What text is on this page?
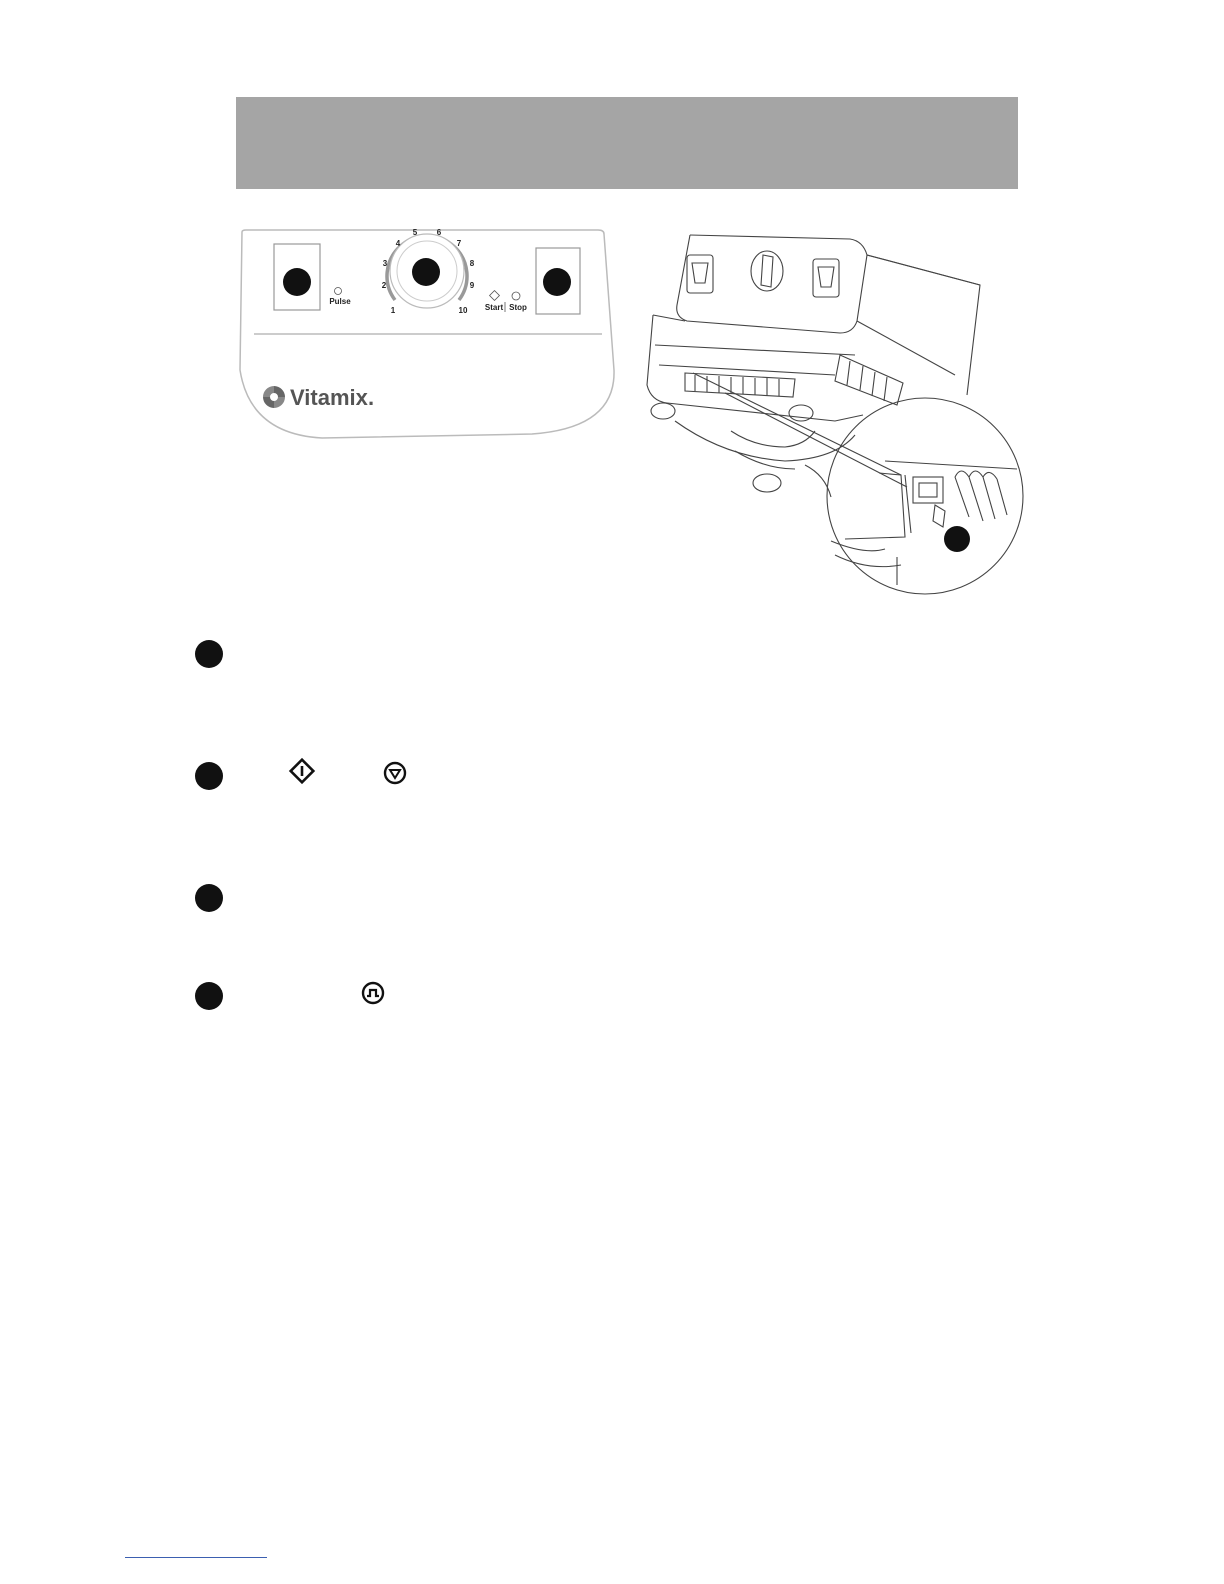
1
2
3
4
5 6
7
8
9
10
Pulse
Start Stop
Vitamix .
